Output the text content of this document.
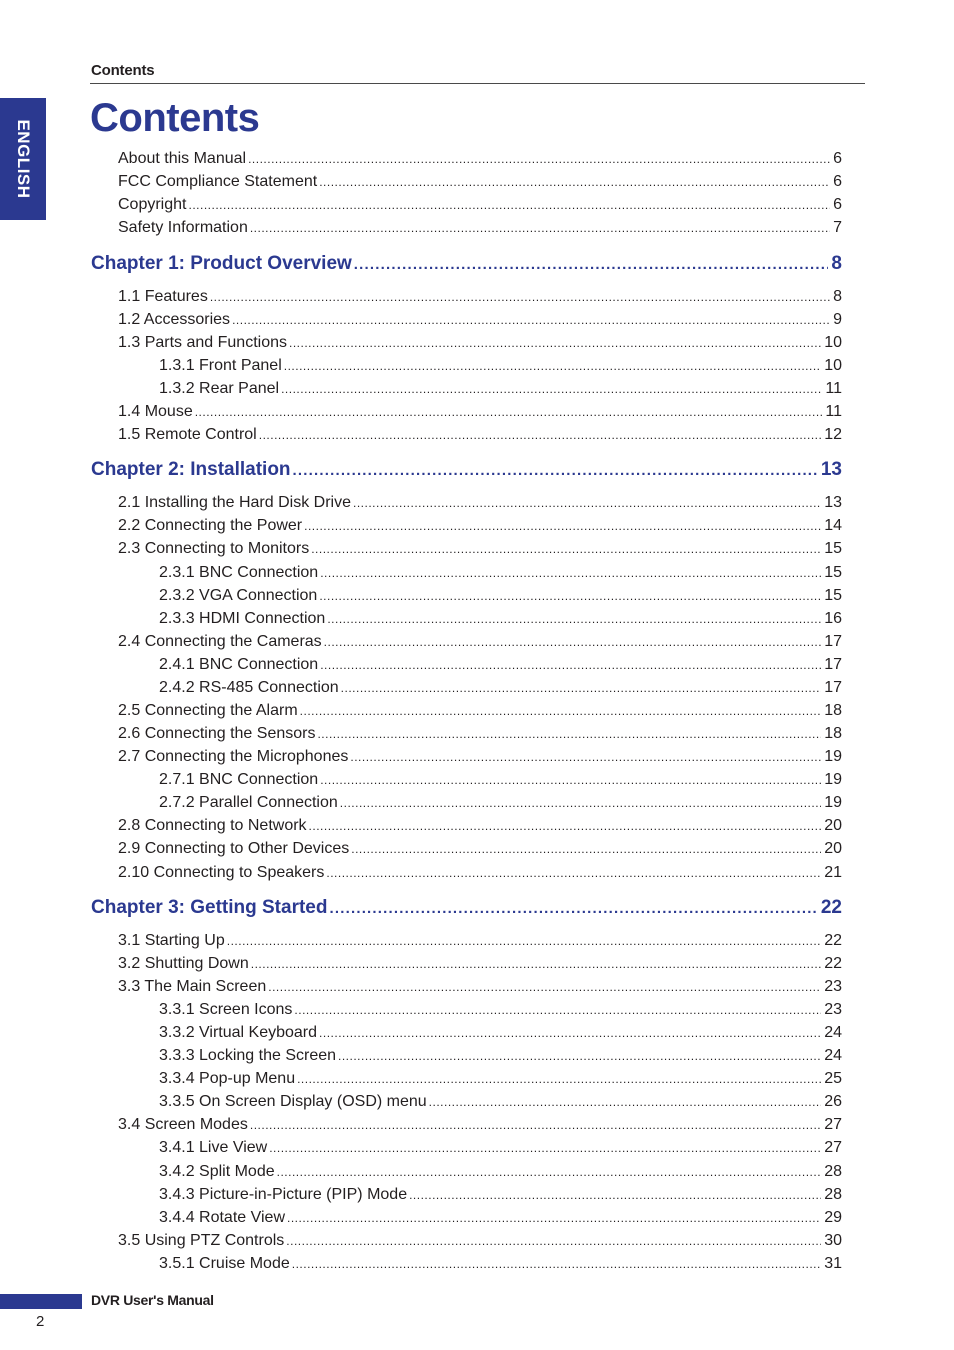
Contents
ENGLISH
Contents
About this Manual .....	6
FCC Compliance Statement .....	6
Copyright .....	6
Safety Information .....	7
Chapter 1: Product Overview .....	8
1.1 Features .....	8
1.2 Accessories .....	9
1.3 Parts and Functions .....	10
1.3.1 Front Panel .....	10
1.3.2 Rear Panel .....	11
1.4 Mouse .....	11
1.5 Remote Control .....	12
Chapter 2: Installation .....	13
2.1 Installing the Hard Disk Drive .....	13
2.2 Connecting the Power .....	14
2.3 Connecting to Monitors .....	15
2.3.1 BNC Connection .....	15
2.3.2 VGA Connection .....	15
2.3.3 HDMI Connection .....	16
2.4 Connecting the Cameras .....	17
2.4.1 BNC Connection .....	17
2.4.2 RS-485 Connection .....	17
2.5 Connecting the Alarm .....	18
2.6 Connecting the Sensors .....	18
2.7 Connecting the Microphones .....	19
2.7.1 BNC Connection .....	19
2.7.2 Parallel Connection .....	19
2.8 Connecting to Network .....	20
2.9 Connecting to Other Devices .....	20
2.10 Connecting to Speakers .....	21
Chapter 3: Getting Started .....	22
3.1 Starting Up .....	22
3.2 Shutting Down .....	22
3.3 The Main Screen .....	23
3.3.1 Screen Icons .....	23
3.3.2 Virtual Keyboard .....	24
3.3.3 Locking the Screen .....	24
3.3.4 Pop-up Menu .....	25
3.3.5 On Screen Display (OSD) menu .....	26
3.4 Screen Modes .....	27
3.4.1 Live View .....	27
3.4.2 Split Mode .....	28
3.4.3 Picture-in-Picture (PIP) Mode .....	28
3.4.4 Rotate View .....	29
3.5 Using PTZ Controls .....	30
3.5.1 Cruise Mode .....	31
DVR User's Manual
2
